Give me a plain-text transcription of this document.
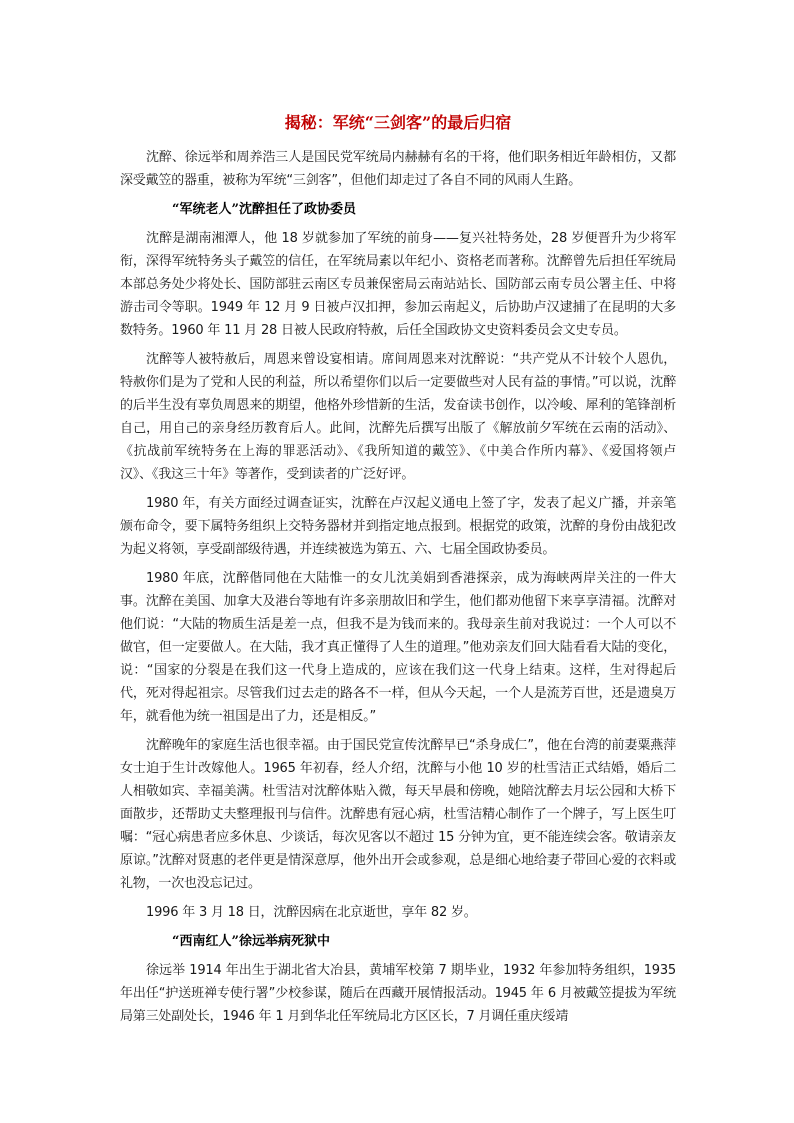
揭秘：军统“三剑客”的最后归宿

沈醉、徐远举和周养浩三人是国民党军统局内赫赫有名的干将，他们职务相近年龄相仿，又都深受戴笠的器重，被称为军统“三剑客”，但他们却走过了各自不同的风雨人生路。

“军统老人”沈醉担任了政协委员

沈醉是湖南湘潭人，他 18 岁就参加了军统的前身——复兴社特务处，28 岁便晋升为少将军衔，深得军统特务头子戴笠的信任，在军统局素以年纪小、资格老而著称。沈醉曾先后担任军统局本部总务处少将处长、国防部驻云南区专员兼保密局云南站站长、国防部云南专员公署主任、中将游击司令等职。1949 年 12 月 9 日被卢汉扣押，参加云南起义，后协助卢汉逮捕了在昆明的大多数特务。1960 年 11 月 28 日被人民政府特赦，后任全国政协文史资料委员会文史专员。

沈醉等人被特赦后，周恩来曾设宴相请。席间周恩来对沈醉说：“共产党从不计较个人恩仇，特赦你们是为了党和人民的利益，所以希望你们以后一定要做些对人民有益的事情。”可以说，沈醉的后半生没有辜负周恩来的期望，他格外珍惜新的生活，发奋读书创作，以冷峻、犀利的笔锋剖析自己，用自己的亲身经历教育后人。此间，沈醉先后撰写出版了《解放前夕军统在云南的活动》、《抗战前军统特务在上海的罪恶活动》、《我所知道的戴笠》、《中美合作所内幕》、《爱国将领卢汉》、《我这三十年》等著作，受到读者的广泛好评。

1980 年，有关方面经过调查证实，沈醉在卢汉起义通电上签了字，发表了起义广播，并亲笔颁布命令，要下属特务组织上交特务器材并到指定地点报到。根据党的政策，沈醉的身份由战犯改为起义将领，享受副部级待遇，并连续被选为第五、六、七届全国政协委员。

1980 年底，沈醉偕同他在大陆惟一的女儿沈美娟到香港探亲，成为海峡两岸关注的一件大事。沈醉在美国、加拿大及港台等地有许多亲朋故旧和学生，他们都劝他留下来享享清福。沈醉对他们说：“大陆的物质生活是差一点，但我不是为钱而来的。我母亲生前对我说过：一个人可以不做官，但一定要做人。在大陆，我才真正懂得了人生的道理。”他劝亲友们回大陆看看大陆的变化，说：“国家的分裂是在我们这一代身上造成的，应该在我们这一代身上结束。这样，生对得起后代，死对得起祖宗。尽管我们过去走的路各不一样，但从今天起，一个人是流芳百世，还是遗臭万年，就看他为统一祖国是出了力，还是相反。”

沈醉晚年的家庭生活也很幸福。由于国民党宣传沈醉早已“杀身成仁”，他在台湾的前妻粟燕萍女士迫于生计改嫁他人。1965 年初春，经人介绍，沈醉与小他 10 岁的杜雪洁正式结婚，婚后二人相敬如宾、幸福美满。杜雪洁对沈醉体贴入微，每天早晨和傍晚，她陪沈醉去月坛公园和大桥下面散步，还帮助丈夫整理报刊与信件。沈醉患有冠心病，杜雪洁精心制作了一个牌子，写上医生叮嘱：“冠心病患者应多休息、少谈话，每次见客以不超过 15 分钟为宜，更不能连续会客。敬请亲友原谅。”沈醉对贤惠的老伴更是情深意厚，他外出开会或参观，总是细心地给妻子带回心爱的衣料或礼物，一次也没忘记过。

1996 年 3 月 18 日，沈醉因病在北京逝世，享年 82 岁。

“西南红人”徐远举病死狱中

徐远举 1914 年出生于湖北省大冶县，黄埔军校第 7 期毕业，1932 年参加特务组织，1935 年出任“护送班禅专使行署”少校参谋，随后在西藏开展情报活动。1945 年 6 月被戴笠提拔为军统局第三处副处长，1946 年 1 月到华北任军统局北方区区长，7 月调任重庆绥靖
